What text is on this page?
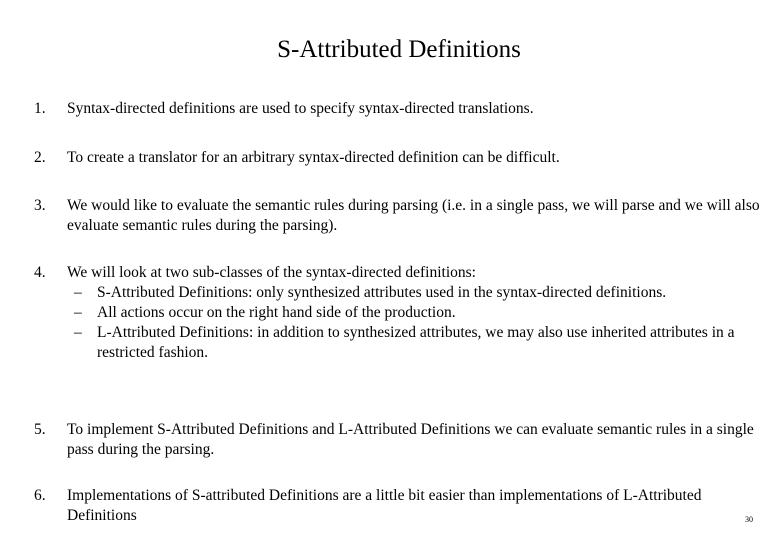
S-Attributed Definitions
1.	Syntax-directed definitions are used to specify syntax-directed translations.
2.	To create a translator for an arbitrary syntax-directed definition can be difficult.
3.	We would like to evaluate the semantic rules during parsing (i.e. in a single pass, we will parse and we will also evaluate semantic rules during the parsing).
4.	We will look at two sub-classes of the syntax-directed definitions:
– S-Attributed Definitions: only synthesized attributes used in the syntax-directed definitions.
– All actions occur on the right hand side of the production.
– L-Attributed Definitions: in addition to synthesized attributes, we may also use inherited attributes in a restricted fashion.
5.	To implement S-Attributed Definitions and L-Attributed Definitions we can evaluate semantic rules in a single pass during the parsing.
6.	Implementations of S-attributed Definitions are a little bit easier than implementations of L-Attributed Definitions	30
